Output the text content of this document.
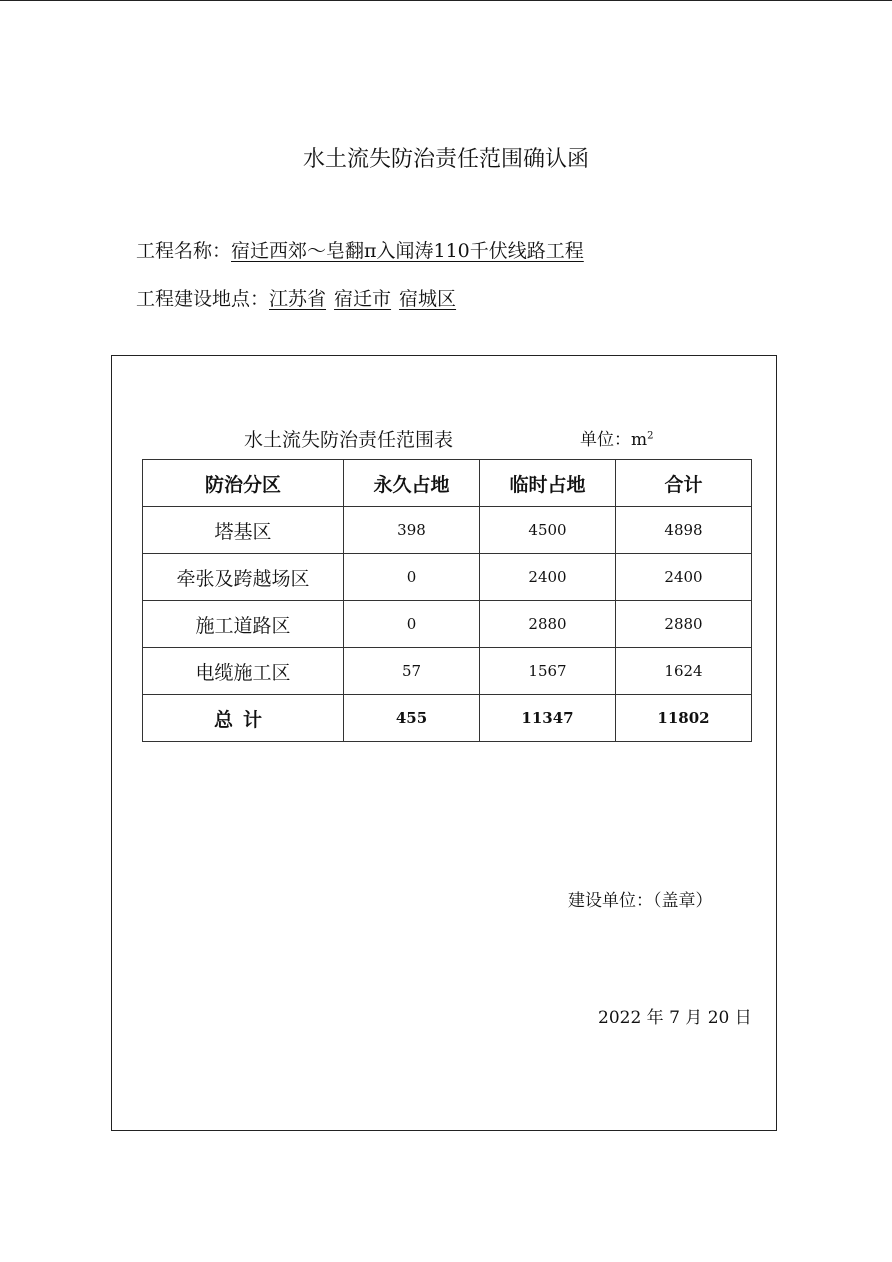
水土流失防治责任范围确认函
工程名称：宿迁西郊～皂翻π入闻涛110千伏线路工程
工程建设地点：江苏省 宿迁市 宿城区
水土流失防治责任范围表	单位：$m^2$
防治分区	永久占地	临时占地	合计
塔基区	398	4500	4898
牵张及跨越场区	0	2400	2400
施工道路区	0	2880	2880
电缆施工区	57	1567	1624
总计	455	11347	11802
建设单位：（盖章）
2022 年 7 月 20 日
